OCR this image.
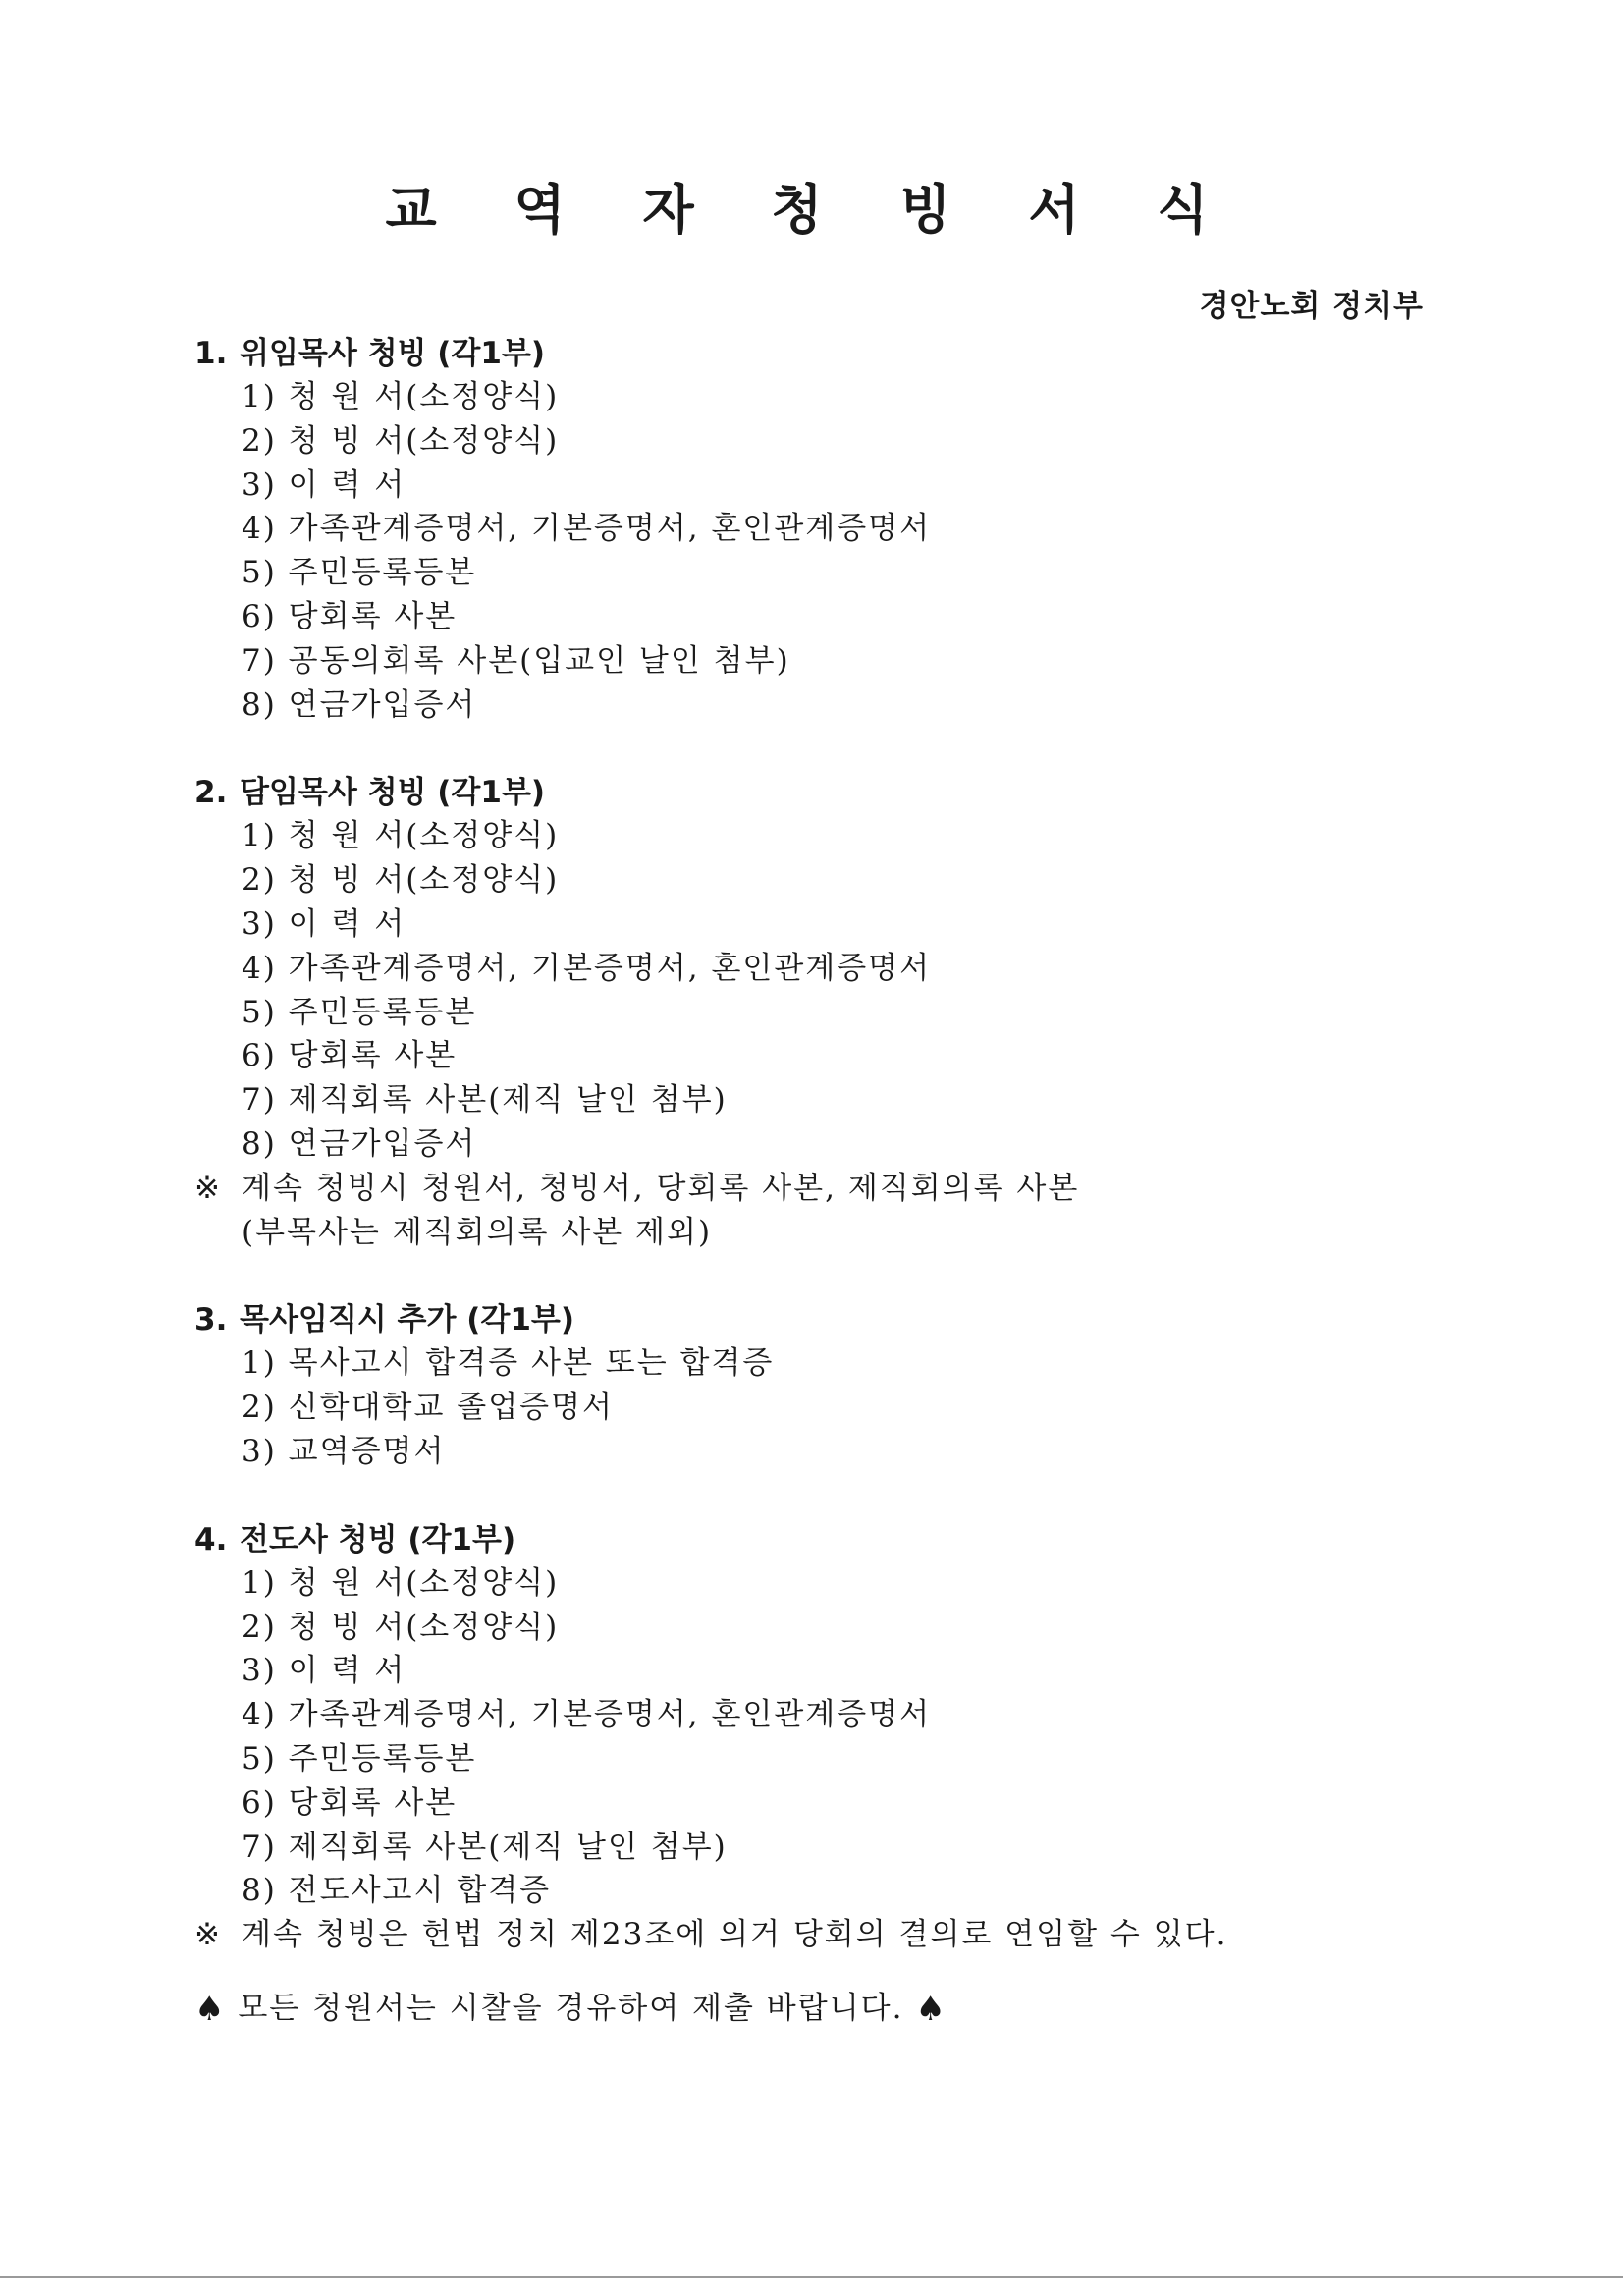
교 역 자 청 빙 서 식
경안노회 정치부
1. 위임목사 청빙 (각1부)
1) 청 원 서(소정양식)
2) 청 빙 서(소정양식)
3) 이 력 서
4) 가족관계증명서, 기본증명서, 혼인관계증명서
5) 주민등록등본
6) 당회록 사본
7) 공동의회록 사본(입교인 날인 첨부)
8) 연금가입증서
2. 담임목사 청빙 (각1부)
1) 청 원 서(소정양식)
2) 청 빙 서(소정양식)
3) 이 력 서
4) 가족관계증명서, 기본증명서, 혼인관계증명서
5) 주민등록등본
6) 당회록 사본
7) 제직회록 사본(제직 날인 첨부)
8) 연금가입증서
※ 계속 청빙시 청원서, 청빙서, 당회록 사본, 제직회의록 사본
(부목사는 제직회의록 사본 제외)
3. 목사임직시 추가 (각1부)
1) 목사고시 합격증 사본 또는 합격증
2) 신학대학교 졸업증명서
3) 교역증명서
4. 전도사 청빙 (각1부)
1) 청 원 서(소정양식)
2) 청 빙 서(소정양식)
3) 이 력 서
4) 가족관계증명서, 기본증명서, 혼인관계증명서
5) 주민등록등본
6) 당회록 사본
7) 제직회록 사본(제직 날인 첨부)
8) 전도사고시 합격증
※ 계속 청빙은 헌법 정치 제23조에 의거 당회의 결의로 연임할 수 있다.
♠ 모든 청원서는 시찰을 경유하여 제출 바랍니다. ♠
